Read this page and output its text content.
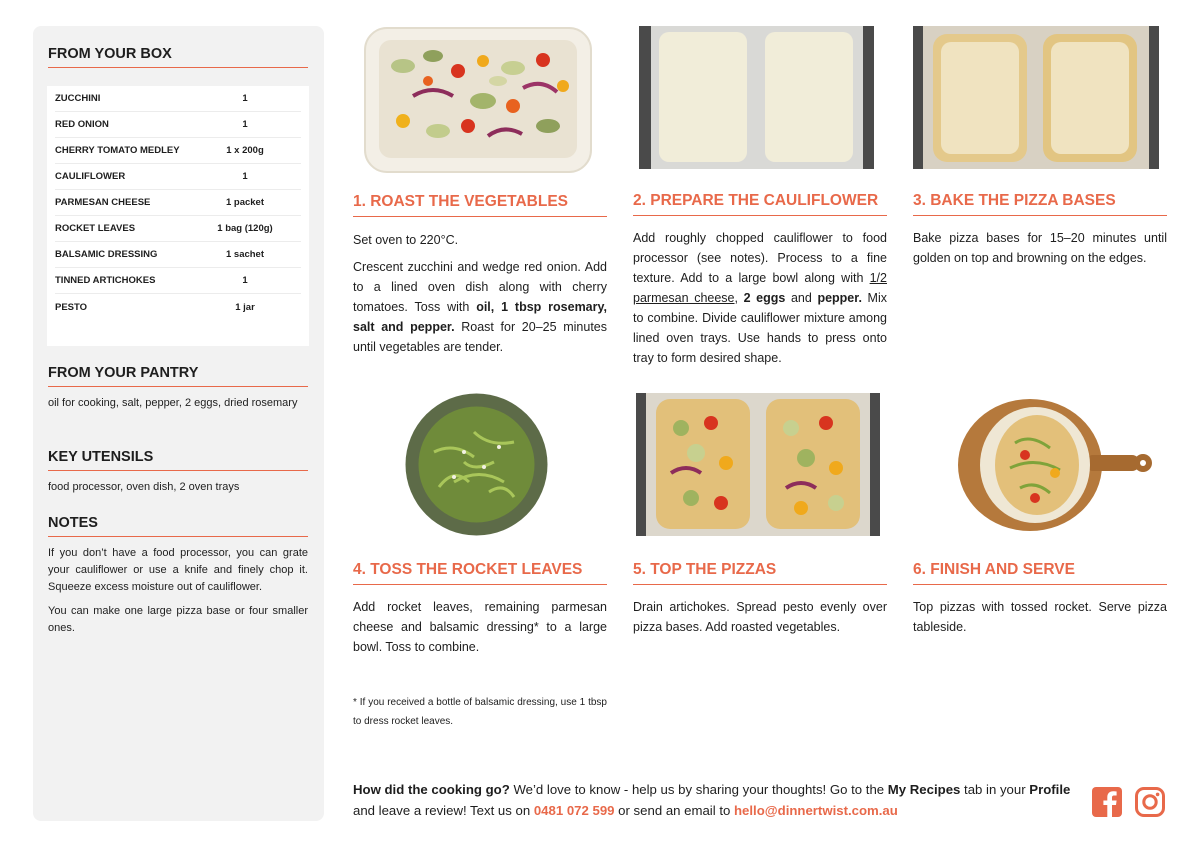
FROM YOUR BOX
ZUCCHINI	1
RED ONION	1
CHERRY TOMATO MEDLEY	1 x 200g
CAULIFLOWER	1
PARMESAN CHEESE	1 packet
ROCKET LEAVES	1 bag (120g)
BALSAMIC DRESSING	1 sachet
TINNED ARTICHOKES	1
PESTO	1 jar
FROM YOUR PANTRY
oil for cooking, salt, pepper, 2 eggs, dried rosemary
KEY UTENSILS
food processor, oven dish, 2 oven trays
NOTES
If you don’t have a food processor, you can grate your cauliflower or use a knife and finely chop it. Squeeze excess moisture out of cauliflower.
You can make one large pizza base or four smaller ones.
1. ROAST THE VEGETABLES	2. PREPARE THE CAULIFLOWER	3. BAKE THE PIZZA BASES
4. TOSS THE ROCKET LEAVES	5. TOP THE PIZZAS	6. FINISH AND SERVE

Set oven to 220°C.

Crescent zucchini and wedge red onion. Add to a lined oven dish along with cherry tomatoes. Toss with oil, 1 tbsp rosemary, salt and pepper. Roast for 20–25 minutes until vegetables are tender.

Add roughly chopped cauliflower to food processor (see notes). Process to a fine texture. Add to a large bowl along with 1/2 parmesan cheese, 2 eggs and pepper. Mix to combine. Divide cauliflower mixture among lined oven trays. Use hands to press onto tray to form desired shape.

Bake pizza bases for 15–20 minutes until golden on top and browning on the edges.

Add rocket leaves, remaining parmesan cheese and balsamic dressing* to a large bowl. Toss to combine.

Drain artichokes. Spread pesto evenly over pizza bases. Add roasted vegetables.

Top pizzas with tossed rocket. Serve pizza tableside.

* If you received a bottle of balsamic dressing, use 1 tbsp to dress rocket leaves.
How did the cooking go? We’d love to know - help us by sharing your thoughts! Go to the My Recipes tab in your Profile and leave a review! Text us on 0481 072 599 or send an email to hello@dinnertwist.com.au
